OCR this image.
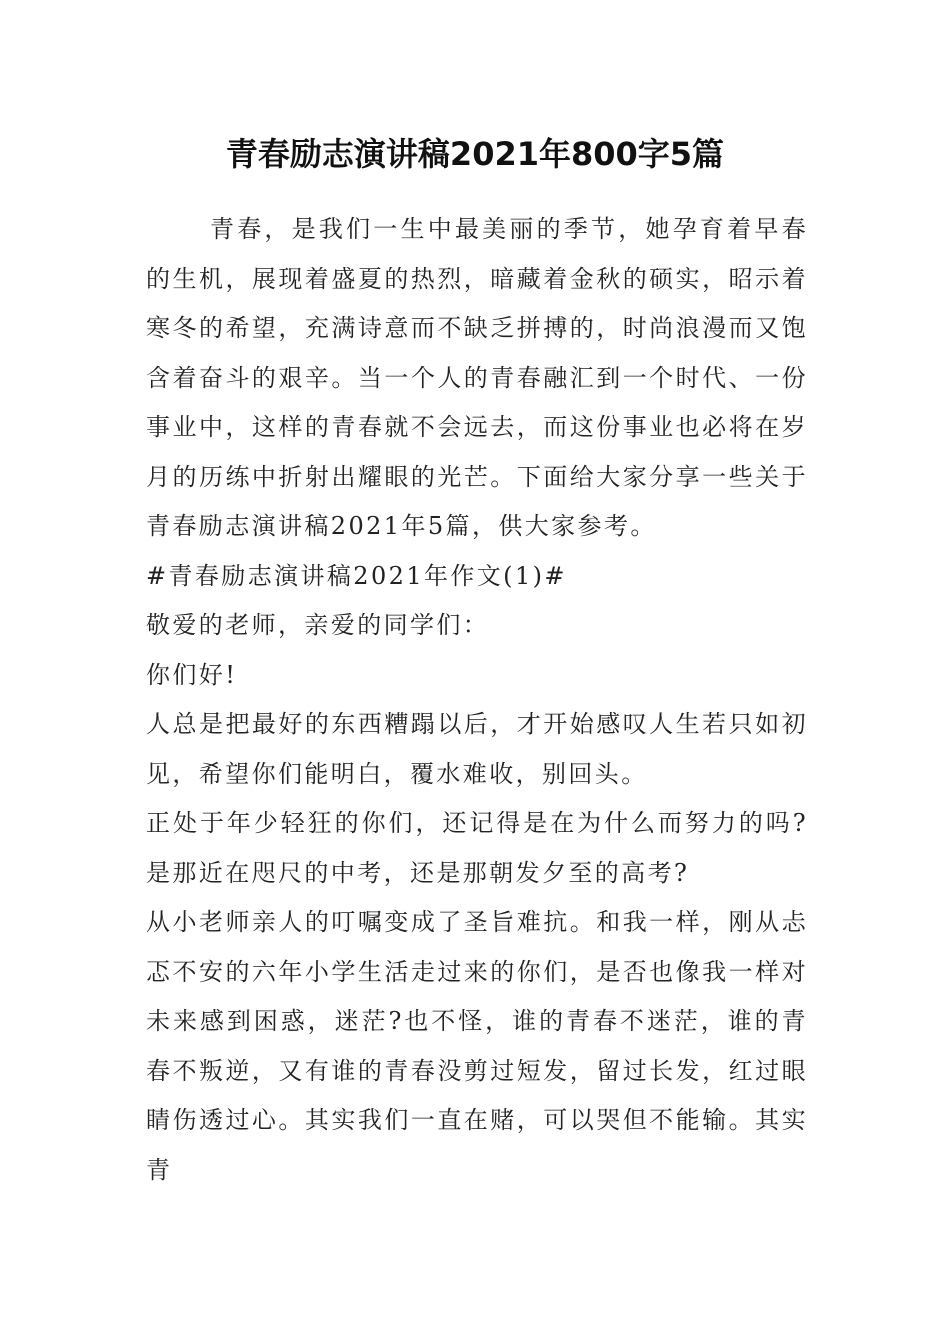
青春励志演讲稿2021年800字5篇

青春，是我们一生中最美丽的季节，她孕育着早春的生机，展现着盛夏的热烈，暗藏着金秋的硕实，昭示着寒冬的希望，充满诗意而不缺乏拼搏的，时尚浪漫而又饱含着奋斗的艰辛。当一个人的青春融汇到一个时代、一份事业中，这样的青春就不会远去，而这份事业也必将在岁月的历练中折射出耀眼的光芒。下面给大家分享一些关于青春励志演讲稿2021年5篇，供大家参考。

#青春励志演讲稿2021年作文(1)#

敬爱的老师，亲爱的同学们：

你们好!

人总是把最好的东西糟蹋以后，才开始感叹人生若只如初见，希望你们能明白，覆水难收，别回头。

正处于年少轻狂的你们，还记得是在为什么而努力的吗?是那近在咫尺的中考，还是那朝发夕至的高考?

从小老师亲人的叮嘱变成了圣旨难抗。和我一样，刚从忐忑不安的六年小学生活走过来的你们，是否也像我一样对未来感到困惑，迷茫?也不怪，谁的青春不迷茫，谁的青春不叛逆，又有谁的青春没剪过短发，留过长发，红过眼睛伤透过心。其实我们一直在赌，可以哭但不能输。其实青
